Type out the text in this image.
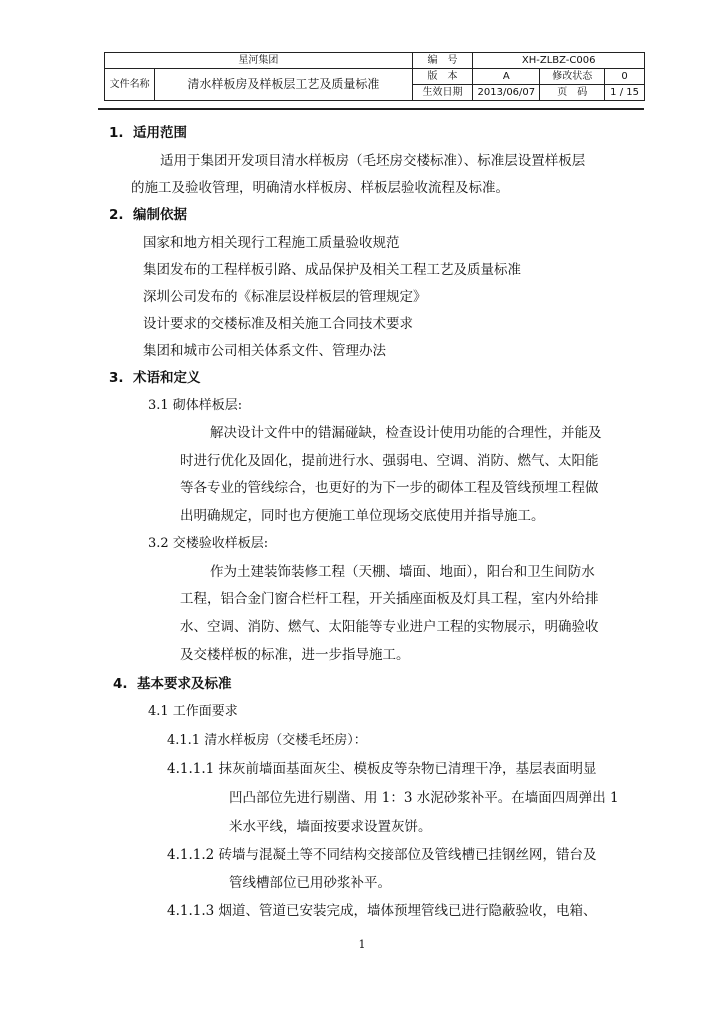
星河集团		编　号	XH-ZLBZ-C006		
文件名称	清水样板房及样板层工艺及质量标准	版　本	A	修改状态	0
		生效日期	2013/06/07	页　码	1 / 15
1. 适用范围
适用于集团开发项目清水样板房（毛坯房交楼标准）、标准层设置样板层
的施工及验收管理，明确清水样板房、样板层验收流程及标准。
2. 编制依据
国家和地方相关现行工程施工质量验收规范
集团发布的工程样板引路、成品保护及相关工程工艺及质量标准
深圳公司发布的《标准层设样板层的管理规定》
设计要求的交楼标准及相关施工合同技术要求
集团和城市公司相关体系文件、管理办法
3. 术语和定义
3.1 砌体样板层:
解决设计文件中的错漏碰缺，检查设计使用功能的合理性，并能及
时进行优化及固化，提前进行水、强弱电、空调、消防、燃气、太阳能
等各专业的管线综合，也更好的为下一步的砌体工程及管线预埋工程做
出明确规定，同时也方便施工单位现场交底使用并指导施工。
3.2 交楼验收样板层:
作为土建装饰装修工程（天棚、墙面、地面），阳台和卫生间防水
工程，铝合金门窗合栏杆工程，开关插座面板及灯具工程，室内外给排
水、空调、消防、燃气、太阳能等专业进户工程的实物展示，明确验收
及交楼样板的标准，进一步指导施工。
4. 基本要求及标准
4.1 工作面要求
4.1.1 清水样板房（交楼毛坯房）：
4.1.1.1 抹灰前墙面基面灰尘、模板皮等杂物已清理干净，基层表面明显
凹凸部位先进行剔凿、用 1：3 水泥砂浆补平。在墙面四周弹出 1
米水平线，墙面按要求设置灰饼。
4.1.1.2 砖墙与混凝土等不同结构交接部位及管线槽已挂钢丝网，错台及
管线槽部位已用砂浆补平。
4.1.1.3 烟道、管道已安装完成，墙体预埋管线已进行隐蔽验收，电箱、
1
